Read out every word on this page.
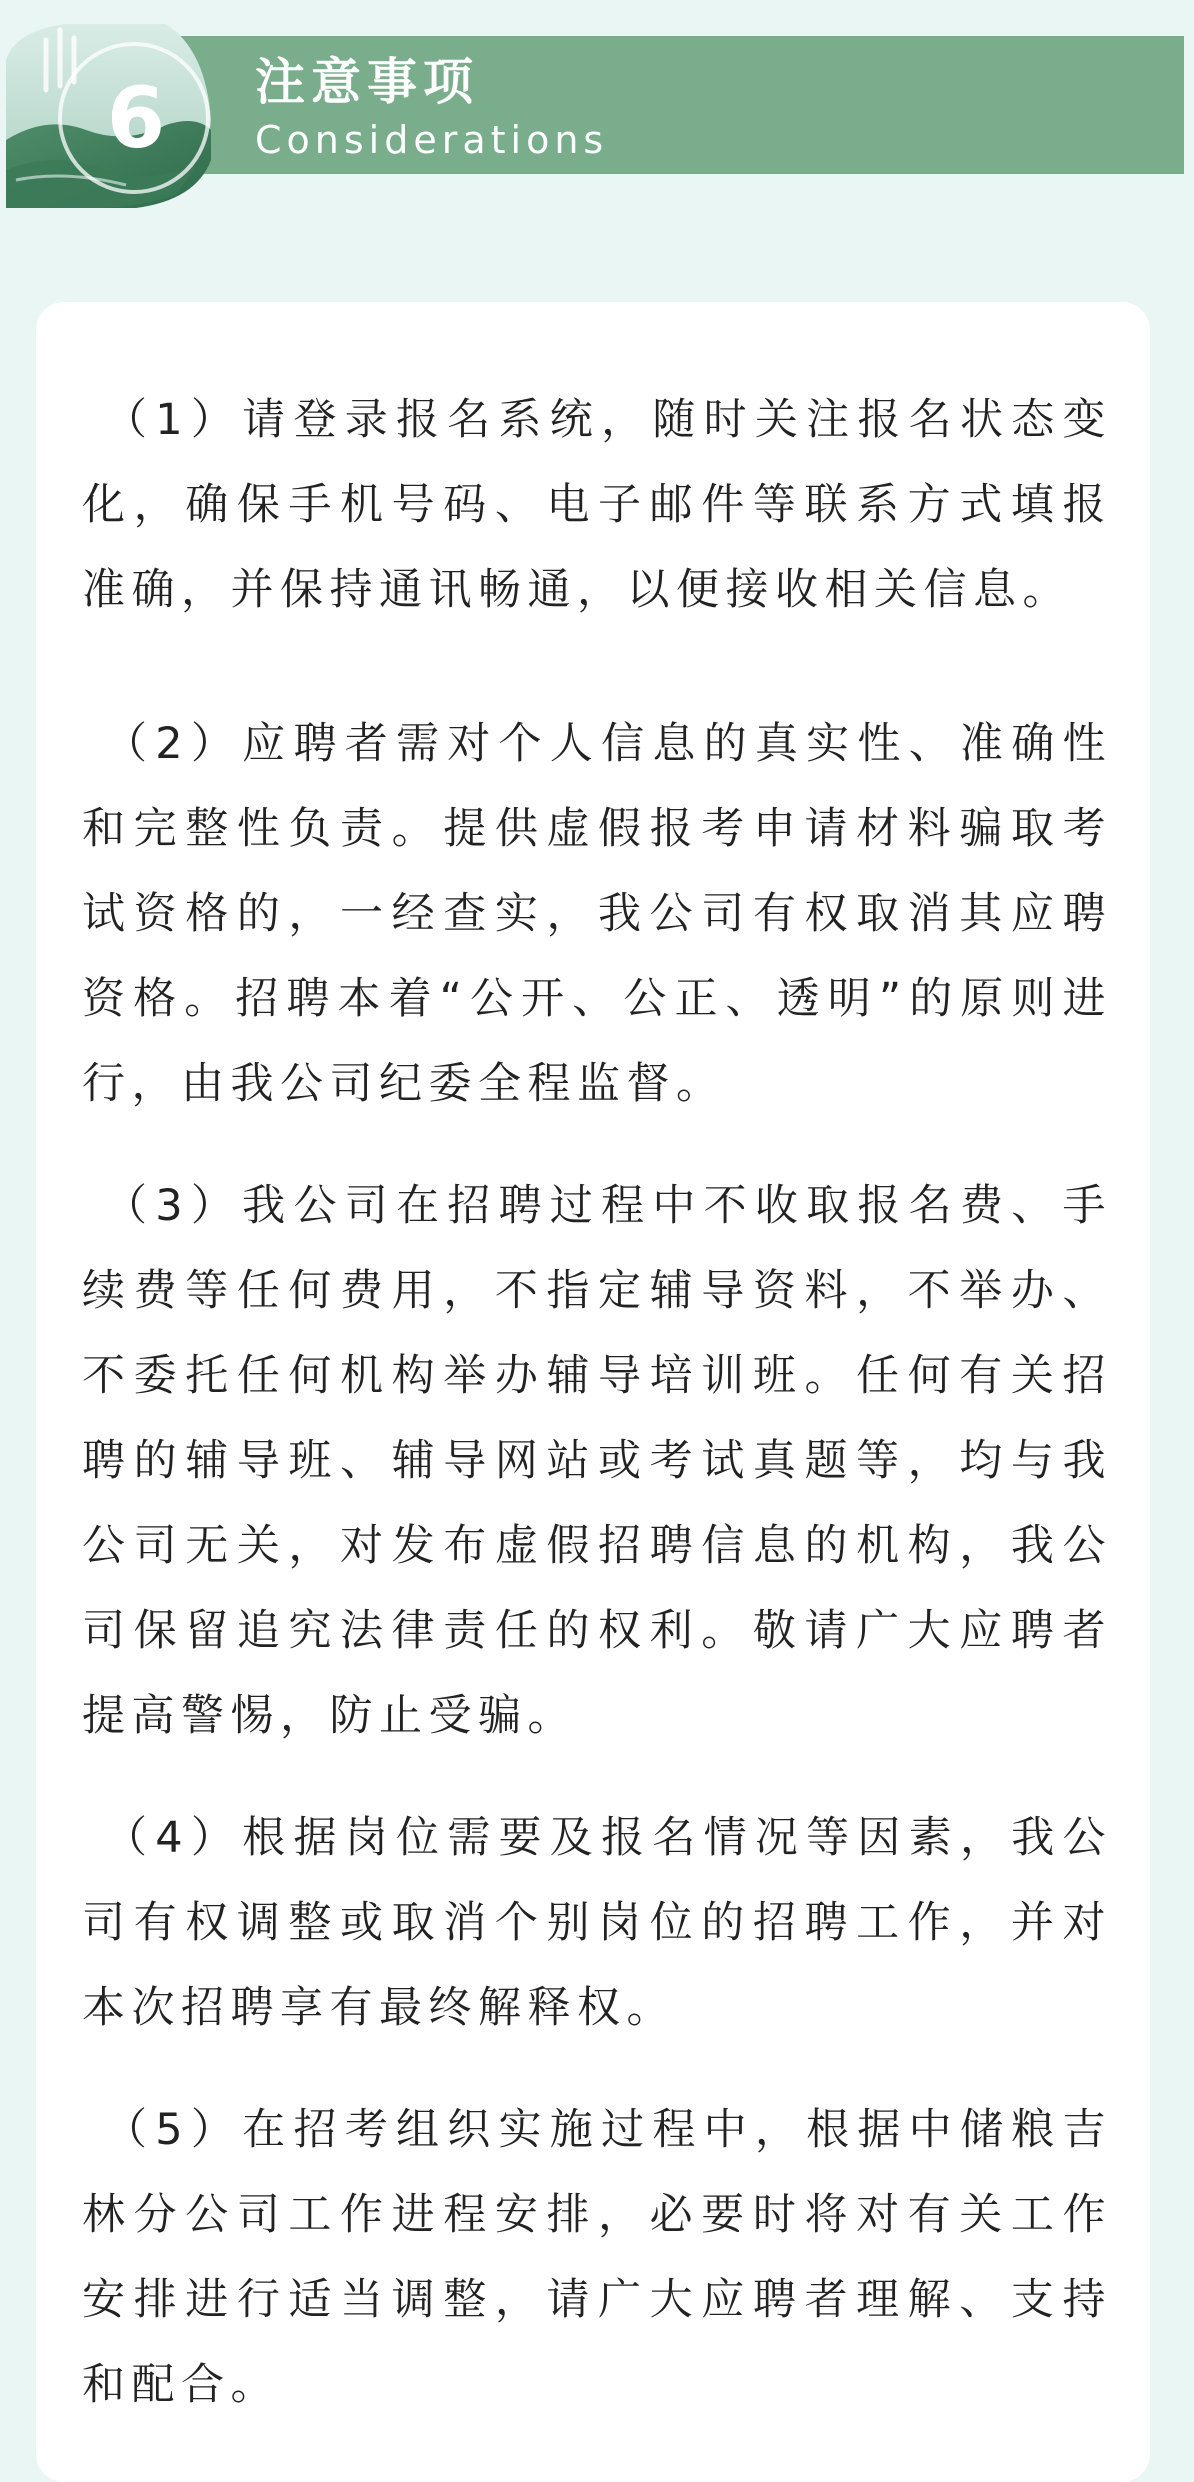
6	注意事项
Considerations

（1）请登录报名系统，随时关注报名状态变化，确保手机号码、电子邮件等联系方式填报准确，并保持通讯畅通，以便接收相关信息。

（2）应聘者需对个人信息的真实性、准确性和完整性负责。提供虚假报考申请材料骗取考试资格的，一经查实，我公司有权取消其应聘资格。招聘本着“公开、公正、透明”的原则进行，由我公司纪委全程监督。

（3）我公司在招聘过程中不收取报名费、手续费等任何费用，不指定辅导资料，不举办、不委托任何机构举办辅导培训班。任何有关招聘的辅导班、辅导网站或考试真题等，均与我公司无关，对发布虚假招聘信息的机构，我公司保留追究法律责任的权利。敬请广大应聘者提高警惕，防止受骗。

（4）根据岗位需要及报名情况等因素，我公司有权调整或取消个别岗位的招聘工作，并对本次招聘享有最终解释权。

（5）在招考组织实施过程中，根据中储粮吉林分公司工作进程安排，必要时将对有关工作安排进行适当调整，请广大应聘者理解、支持和配合。
